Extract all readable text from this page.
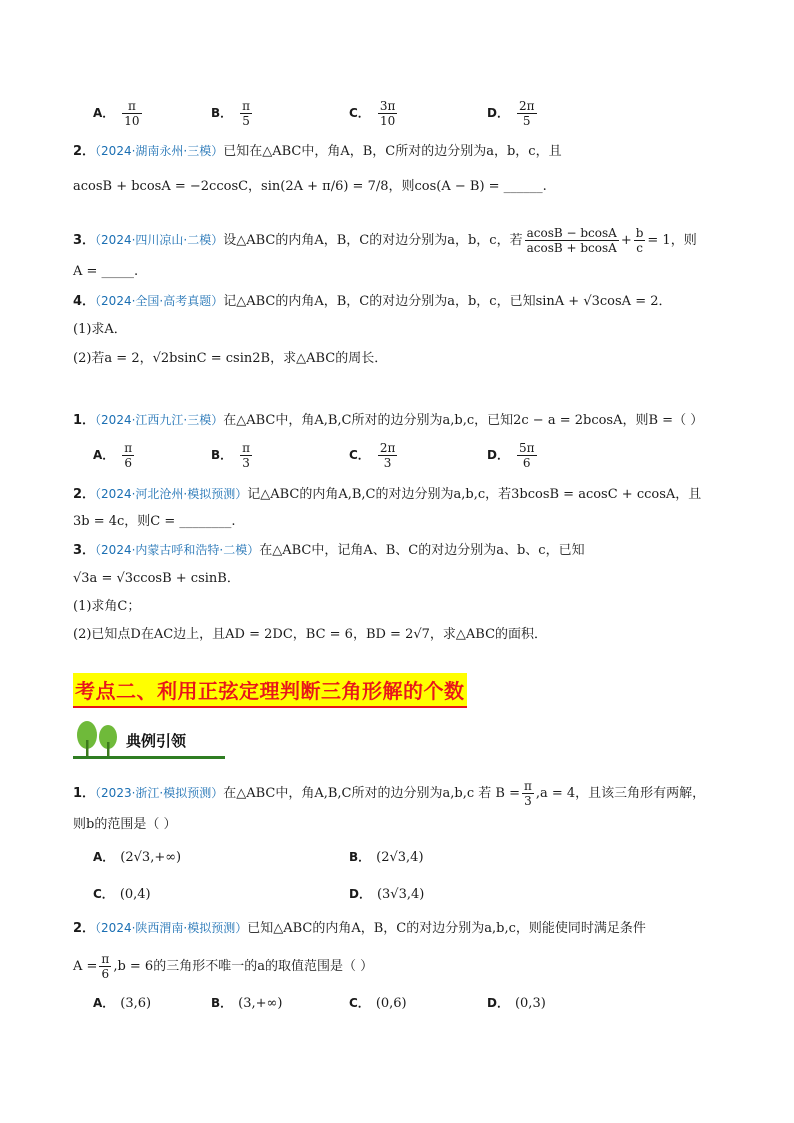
A． $\frac{\pi}{10}$	B． $\frac{\pi}{5}$	C． $\frac{3\pi}{10}$	D． $\frac{2\pi}{5}$
2．（2024·湖南永州·三模）已知在△ABC中，角A，B，C所对的边分别为a，b，c，且
acosB + bcosA = −2ccosC，sin(2A + π/6) = 7/8，则cos(A − B) = ______.
3．（2024·四川凉山·二模）设△ABC的内角A，B，C的对边分别为a，b，c，若 $\frac{acosB - bcosA}{acosB + bcosA} + \frac{b}{c} = 1$，则
A = _____.
4．（2024·全国·高考真题）记△ABC的内角A，B，C的对边分别为a，b，c，已知sinA + √3cosA = 2．
(1)求A．
(2)若a = 2，√2bsinC = csin2B，求△ABC的周长．
1．（2024·江西九江·三模）在△ABC中，角A,B,C所对的边分别为a,b,c，已知2c − a = 2bcosA，则B =（ ）
A． $\frac{\pi}{6}$	B． $\frac{\pi}{3}$	C． $\frac{2\pi}{3}$	D． $\frac{5\pi}{6}$
2．（2024·河北沧州·模拟预测）记△ABC的内角A,B,C的对边分别为a,b,c，若3bcosB = acosC + ccosA，且
3b = 4c，则C = ________.
3．（2024·内蒙古呼和浩特·二模）在△ABC中，记角A、B、C的对边分别为a、b、c，已知
√3a = √3ccosB + csinB．
(1)求角C；
(2)已知点D在AC边上，且AD = 2DC，BC = 6，BD = 2√7，求△ABC的面积．
考点二、利用正弦定理判断三角形解的个数
典例引领
1．（2023·浙江·模拟预测）在△ABC中，角A,B,C所对的边分别为a,b,c 若 $B = \frac{\pi}{3} ,a = 4$，且该三角形有两解，
则b的范围是（ ）
A． (2√3,+∞)	B． (2√3,4)
C． (0,4)	D． (3√3,4)
2．（2024·陕西渭南·模拟预测）已知△ABC的内角A，B，C的对边分别为a,b,c，则能使同时满足条件
$A = \frac{\pi}{6} ,b = 6$的三角形不唯一的a的取值范围是（ ）
A． (3,6)	B． (3,+∞)	C． (0,6)	D． (0,3)
